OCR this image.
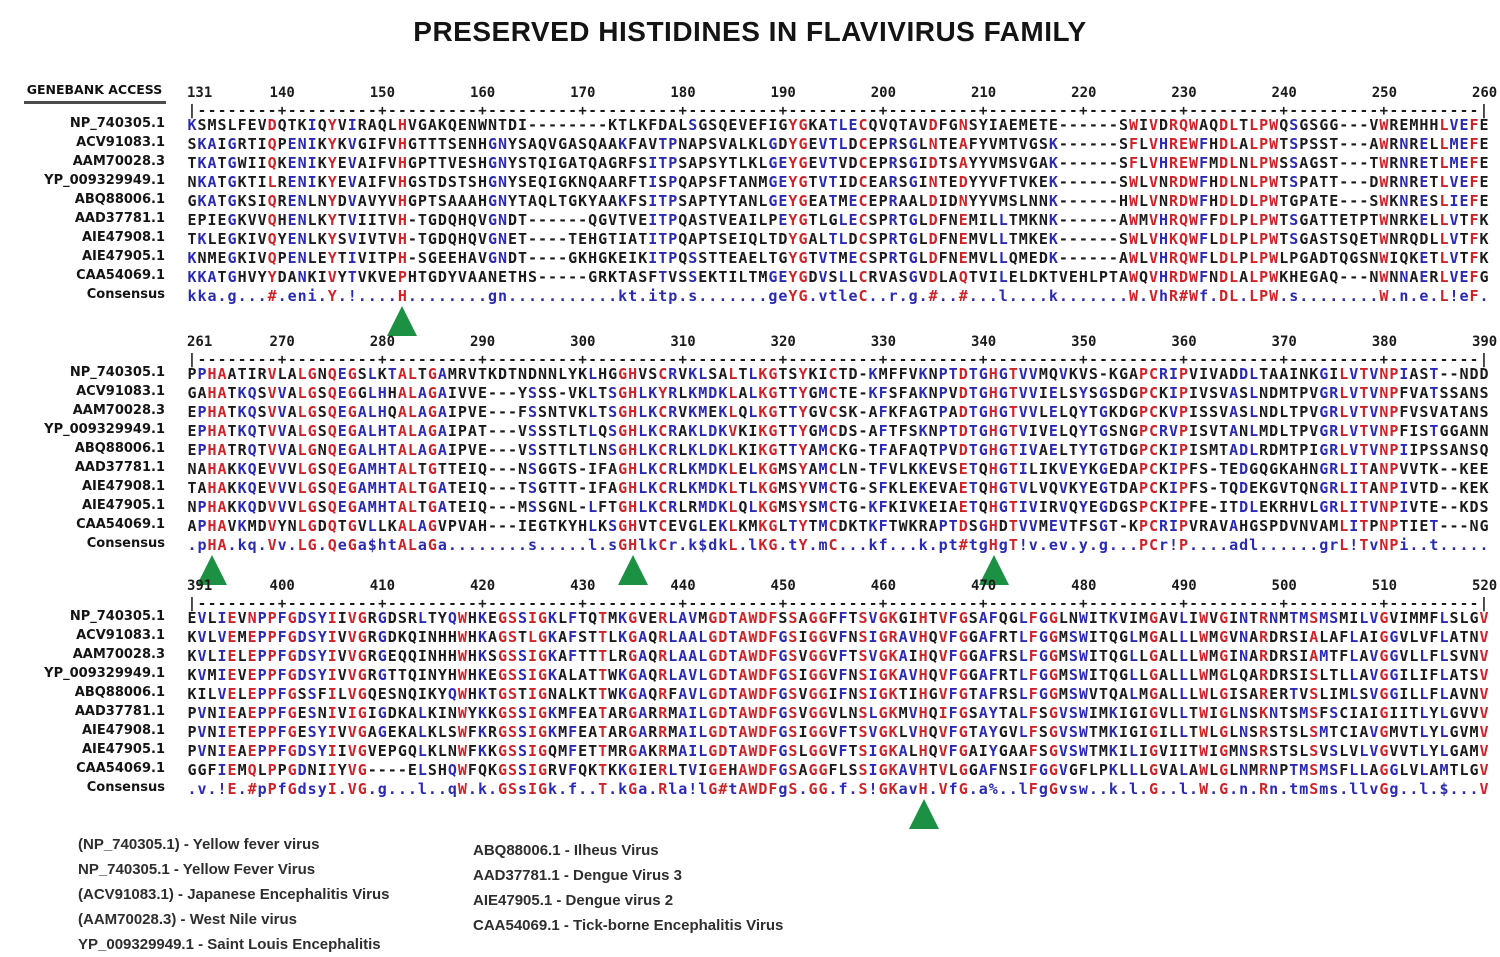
PRESERVED HISTIDINES IN FLAVIVIRUS FAMILY
GENEBANK ACCESS	131	140	150	160	170	180	190	200	210	220	230	240	250	260
| - - - - - - - - + - - - - - - - - - + - - - - - - - - - + - - - - - - - - - + - - - - - - - - - + - - - - - - - - - + - - - - - - - - - + - - - - - - - - - + - - - - - - - - - + - - - - - - - - - + - - - - - - - - - + - - - - - - - - - + - - - - - - - - - |
NP_740305.1 KSMSLFEVDQTKIQYVIRAQLHVGAKQENWNTDI--------KTLKFDALSGSQEVEFIGYGKATLECQVQTAVDFGNSYIAEMETE------SWIVDRQWAQDLTLPWQSGSGG---VWREMHHLVEFE
ACV91083.1 SKAIGRTIQPENIKYKVGIFVHGTTTSENHGNYSAQVGASQAAKFAVTPNAPSVALKLGDYGEVTLDCEPRSGLNTEAFYVMTVGSK------SFLVHREWFHDLALPWTSPSST---AWRNRELLMEFE
AAM70028.3 TKATGWIIQKENIKYEVAIFVHGPTTVESHGNYSTQIGATQAGRFSITPSAPSYTLKLGEYGEVTVDCEPRSGIDTSAYYVMSVGAK------SFLVHREWFMDLNLPWSSAGST---TWRNRETLMEFE
YP_009329949.1 NKATGKTILRENIKYEVAIFVHGSTDSTSHGNYSEQIGKNQAARFTISPQAPSFTANMGEYGTVTIDCEARSGINTEDYYVFTVKEK------SWLVNRDWFHDLNLPWTSPATT---DWRNRETLVEFE
ABQ88006.1 GKATGKSIQRENLNYDVAVYVHGPTSAAAHGNYTAQLTGKYAAKFSITPSAPTYTANLGEYGEATMECEPRAALDIDNYYVMSLNNK------HWLVNRDWFHDLDLPWTGPATE---SWKNRESLIEFE
AAD37781.1 EPIEGKVVQHENLKYTVIITVH-TGDQHQVGNDT------QGVTVEITPQASTVEAILPEYGTLGLECSPRTGLDFNEMILLTMKNK------AWMVHRQWFFDLPLPWTSGATTETPTWNRKELLVTFK
AIE47908.1 TKLEGKIVQYENLKYSVIVTVH-TGDQHQVGNET----TEHGTIATITPQAPTSEIQLTDYGALTLDCSPRTGLDFNEMVLLTMKEK------SWLVHKQWFLDLPLPWTSGASTSQETWNRQDLLVTFK
AIE47905.1 KNMEGKIVQPENLEYTIVITPH-SGEEHAVGNDT----GKHGKEIKITPQSSTTEAELTGYGTVTMECSPRTGLDFNEMVLLQMEDK------AWLVHRQWFLDLPLPWLPGADTQGSNWIQKETLVTFK
CAA54069.1 KKATGHVYYDANKIVYTVKVEPHTGDYVAANETHS-----GRKTASFTVSSEKTILTMGEYGDVSLLCRVASGVDLAQTVILELDKTVEHLPTAWQVHRDWFNDLALPWKHEGAQ---NWNNAERLVEFG
Consensus kka.g...#.eni.Y.!....H........gn...........kt.itp.s.......geYG.vtleC..r.g.#..#...l....k.......W.VhR#Wf.DL.LPW.s........W.n.e.L!eF.
261	270	280	290	300	310	320	330	340	350	360	370	380	390
| - - - - - - - - + - - - - - - - - - + - - - - - - - - - + - - - - - - - - - + - - - - - - - - - + - - - - - - - - - + - - - - - - - - - + - - - - - - - - - + - - - - - - - - - + - - - - - - - - - + - - - - - - - - - + - - - - - - - - - + - - - - - - - - - |
NP_740305.1 PPHAATIRVLALGNQEGSLKTALTGAMRVTKDTNDNNLYKLHGGHVSCRVKLSALTLKGTSYKICTD-KMFFVKNPTDTGHGTVVMQVKVS-KGAPCRIPVIVADDLTAAINKGILVTVNPIAST--NDD
ACV91083.1 GAHATKQSVVALGSQEGGLHHALAGAIVVE---YSSS-VKLTSGHLKYRLKMDKLALKGTTYGMCTE-KFSFAKNPVDTGHGTVVIELSYSGSDGPCKIPIVSVASLNDMTPVGRLVTVNPFVATSSANS
AAM70028.3 EPHATKQSVVALGSQEGALHQALAGAIPVE---FSSNTVKLTSGHLKCRVKMEKLQLKGTTYGVCSK-AFKFAGTPADTGHGTVVLELQYTGKDGPCKVPISSVASLNDLTPVGRLVTVNPFVSVATANS
YP_009329949.1 EPHATKQTVVALGSQEGALHTALAGAIPAT---VSSSTLTLQSGHLKCRAKLDKVKIKGTTYGMCDS-AFTFSKNPTDTGHGTVIVELQYTGSNGPCRVPISVTANLMDLTPVGRLVTVNPFISTGGANN
ABQ88006.1 EPHATRQTVVALGNQEGALHTALAGAIPVE---VSSTTLTLNSGHLKCRLKLDKLKIKGTTYAMCKG-TFAFAQTPVDTGHGTIVAELTYTGTDGPCKIPISMTADLRDMTPIGRLVTVNPIIPSSANSQ
AAD37781.1 NAHAKKQEVVVLGSQEGAMHTALTGTTEIQ---NSGGTS-IFAGHLKCRLKMDKLELKGMSYAMCLN-TFVLKKEVSETQHGTILIKVEYKGEDAPCKIPFS-TEDGQGKAHNGRLITANPVVTK--KEE
AIE47908.1 TAHAKKQEVVVLGSQEGAMHTALTGATEIQ---TSGTTT-IFAGHLKCRLKMDKLTLKGMSYVMCTG-SFKLEKEVAETQHGTVLVQVKYEGTDAPCKIPFS-TQDEKGVTQNGRLITANPIVTD--KEK
AIE47905.1 NPHAKKQDVVVLGSQEGAMHTALTGATEIQ---MSSGNL-LFTGHLKCRLRMDKLQLKGMSYSMCTG-KFKIVKEIAETQHGTIVIRVQYEGDGSPCKIPFE-ITDLEKRHVLGRLITVNPIVTE--KDS
CAA54069.1 APHAVKMDVYNLGDQTGVLLKALAGVPVAH---IEGTKYHLKSGHVTCEVGLEKLKMKGLTYTMCDKTKFTWKRAPTDSGHDTVVMEVTFSGT-KPCRIPVRAVAHGSPDVNVAMLITPNPTIET---NG
Consensus .pHA.kq.Vv.LG.QeGa$htALaGa........s.....l.sGHlkCr.k$dkL.lKG.tY.mC...kf...k.pt#tgHgT!v.ev.y.g...PCr!P....adl......grL!TvNPi..t.....
391	400	410	420	430	440	450	460	470	480	490	500	510	520
| - - - - - - - - + - - - - - - - - - + - - - - - - - - - + - - - - - - - - - + - - - - - - - - - + - - - - - - - - - + - - - - - - - - - + - - - - - - - - - + - - - - - - - - - + - - - - - - - - - + - - - - - - - - - + - - - - - - - - - + - - - - - - - - - |
NP_740305.1 EVLIEVNPPFGDSYIIVGRGDSRLTYQWHKEGSSIGKLFTQTMKGVERLAVMGDTAWDFSSAGGFFTSVGKGIHTVFGSAFQGLFGGLNWITKVIMGAVLIWVGINTRNMTMSMSMILVGVIMMFLSLGV
ACV91083.1 KVLVEMEPPFGDSYIVVGRGDKQINHHWHKAGSTLGKAFSTTLKGAQRLAALGDTAWDFGSIGGVFNSIGRAVHQVFGGAFRTLFGGMSWITQGLMGALLLWMGVNARDRSIALAFLAIGGVLVFLATNV
AAM70028.3 KVLIELEPPFGDSYIVVGRGEQQINHHWHKSGSSIGKAFTTTLRGAQRLAALGDTAWDFGSVGGVFTSVGKAIHQVFGGAFRSLFGGMSWITQGLLGALLLWMGINARDRSIAMTFLAVGGVLLFLSVNV
YP_009329949.1 KVMIEVEPPFGDSYIVVGRGTTQINYHWHKEGSSIGKALATTWKGAQRLAVLGDTAWDFGSIGGVFNSIGKAVHQVFGGAFRTLFGGMSWITQGLLGALLLWMGLQARDRSISLTLLAVGGILIFLATSV
ABQ88006.1 KILVELEPPFGSSFILVGQESNQIKYQWHKTGSTIGNALKTTWKGAQRFAVLGDTAWDFGSVGGIFNSIGKTIHGVFGTAFRSLFGGMSWVTQALMGALLLWLGISARERTVSLIMLSVGGILLFLAVNV
AAD37781.1 PVNIEAEPPFGESNIVIGIGDKALKINWYKKGSSIGKMFEATARGARRMAILGDTAWDFGSVGGVLNSLGKMVHQIFGSAYTALFSGVSWIMKIGIGVLLTWIGLNSKNTSMSFSCIAIGIITLYLGVVV
AIE47908.1 PVNIETEPPFGESYIVVGAGEKALKLSWFKRGSSIGKMFEATARGARRMAILGDTAWDFGSIGGVFTSVGKLVHQVFGTAYGVLFSGVSWTMKIGIGILLTWLGLNSRSTSLSMTCIAVGMVTLYLGVMV
AIE47905.1 PVNIEAEPPFGDSYIIVGVEPGQLKLNWFKKGSSIGQMFETTMRGAKRMAILGDTAWDFGSLGGVFTSIGKALHQVFGAIYGAAFSGVSWTMKILIGVIITWIGMNSRSTSLSVSLVLVGVVTLYLGAMV
CAA54069.1 GGFIEMQLPPGDNIIYVG----ELSHQWFQKGSSIGRVFQKTKKGIERLTVIGEHAWDFGSAGGFLSSIGKAVHTVLGGAFNSIFGGVGFLPKLLLGVALAWLGLNMRNPTMSMSFLLAGGLVLAMTLGV
Consensus .v.!E.#pPfGdsyI.VG.g...l..qW.k.GSsIGk.f..T.kGa.Rla!lG#tAWDFgS.GG.f.S!GKavH.VfG.a%..lFgGvsw..k.l.G..l.W.G.n.Rn.tmSms.llvGg..l.$...V
(NP_740305.1) - Yellow fever virus
NP_740305.1 - Yellow Fever Virus
(ACV91083.1) - Japanese Encephalitis Virus
(AAM70028.3) - West Nile virus
YP_009329949.1 - Saint Louis Encephalitis
ABQ88006.1 - Ilheus Virus
AAD37781.1 - Dengue Virus 3
AIE47905.1 - Dengue virus 2
CAA54069.1 - Tick-borne Encephalitis Virus
